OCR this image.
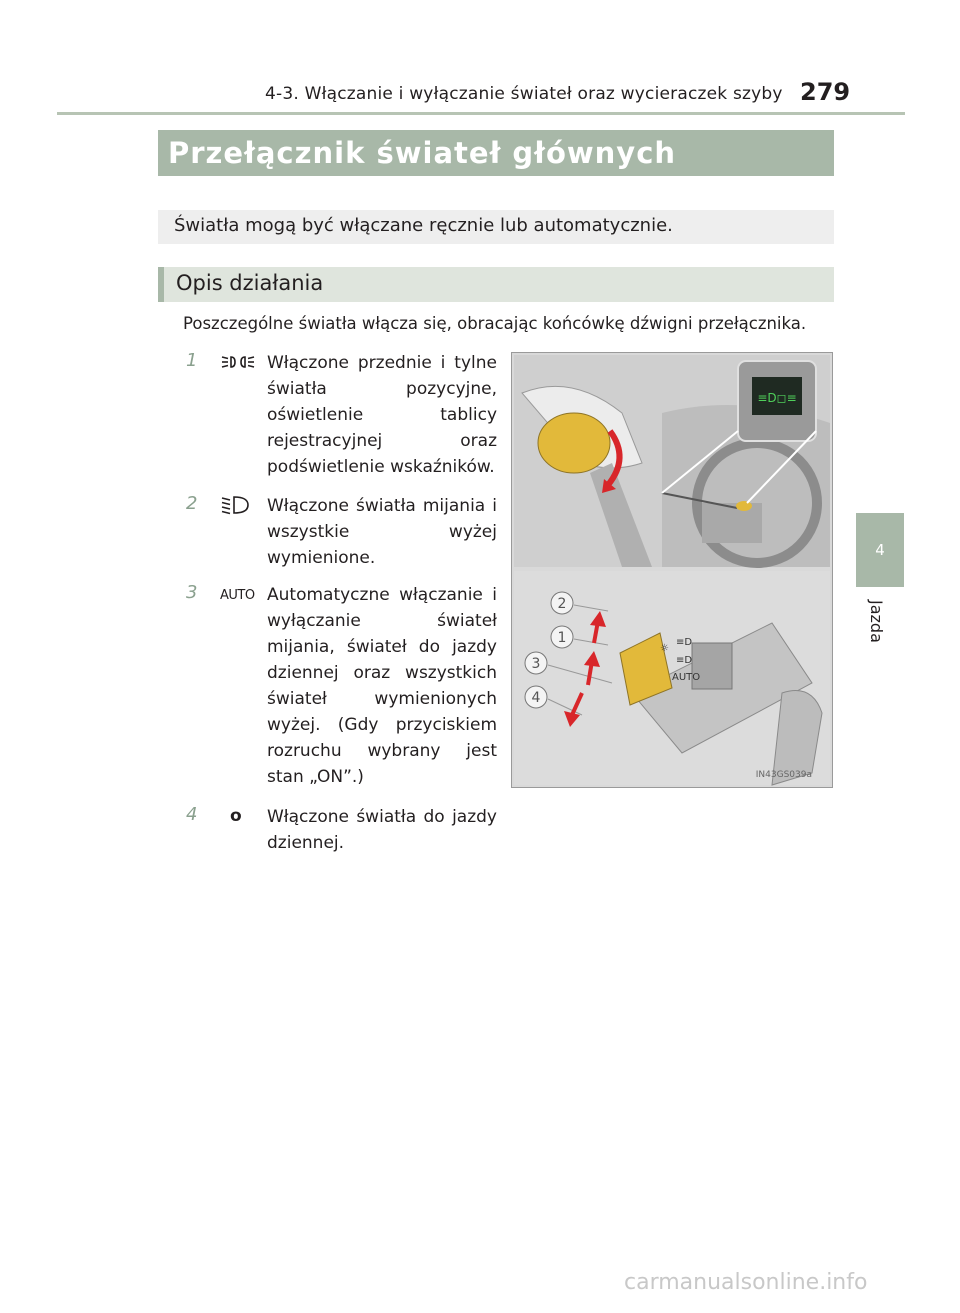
4-3. Włączanie i wyłączanie świateł oraz wycieraczek szyby 279
Przełącznik świateł głównych
Światła mogą być włączane ręcznie lub automatycznie.
Opis działania
Poszczególne światła włącza się, obracając końcówkę dźwigni przełącznika.
1	Włączone przednie i tylne światła pozycyjne, oświetlenie tablicy rejestracyjnej oraz podświetlenie wskaźników.
2	Włączone światła mijania i wszystkie wyżej wymienione.
3	AUTO Automatyczne włączanie i wyłączanie świateł mijania, świateł do jazdy dziennej oraz wszystkich świateł wymienionych wyżej. (Gdy przyciskiem rozruchu wybrany jest stan „ON”.)
4	o	Włączone światła do jazdy dziennej.
≡D◻≡
☼
≡D
≡D
AUTO
2
1
3
4
IN43GS039a
4
Jazda
carmanualsonline.info
